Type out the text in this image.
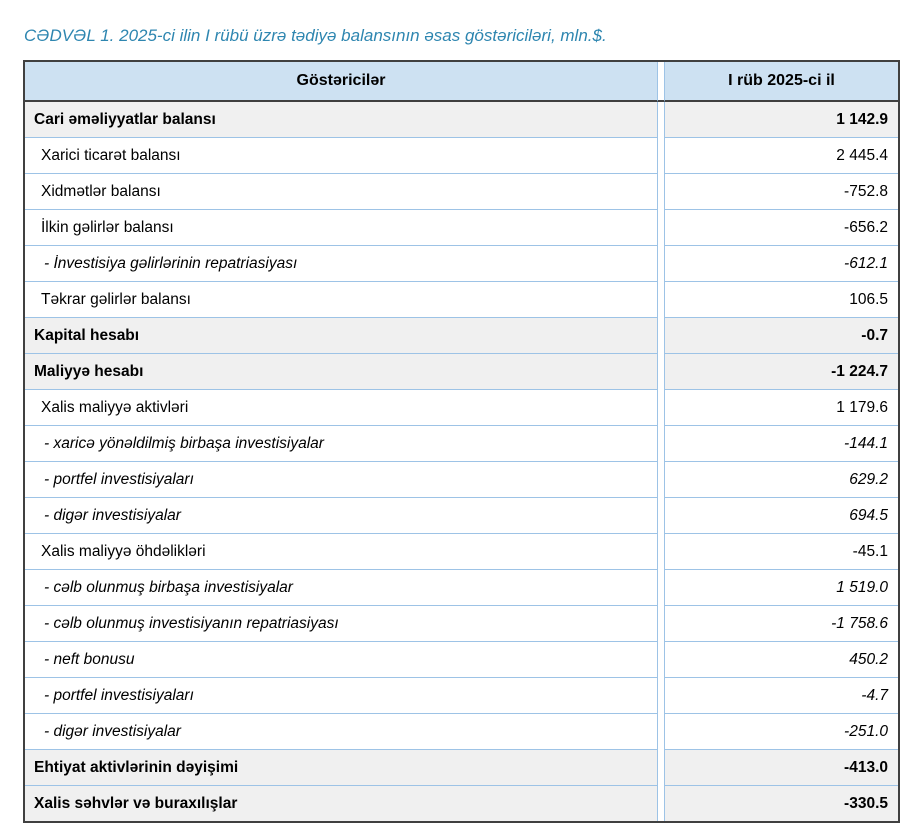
CƏDVƏL 1. 2025-ci ilin I rübü üzrə tədiyə balansının əsas göstəriciləri, mln.$.
Göstəricilər		I rüb 2025-ci il
Cari əməliyyatlar balansı		1 142.9
Xarici ticarət balansı		2 445.4
Xidmətlər balansı		-752.8
İlkin gəlirlər balansı		-656.2
- İnvestisiya gəlirlərinin repatriasiyası		-612.1
Təkrar gəlirlər balansı		106.5
Kapital hesabı		-0.7
Maliyyə hesabı		-1 224.7
Xalis maliyyə aktivləri		1 179.6
- xaricə yönəldilmiş birbaşa investisiyalar		-144.1
- portfel investisiyaları		629.2
- digər investisiyalar		694.5
Xalis maliyyə öhdəlikləri		-45.1
- cəlb olunmuş birbaşa investisiyalar		1 519.0
- cəlb olunmuş investisiyanın repatriasiyası		-1 758.6
- neft bonusu		450.2
- portfel investisiyaları		-4.7
- digər investisiyalar		-251.0
Ehtiyat aktivlərinin dəyişimi		-413.0
Xalis səhvlər və buraxılışlar		-330.5
